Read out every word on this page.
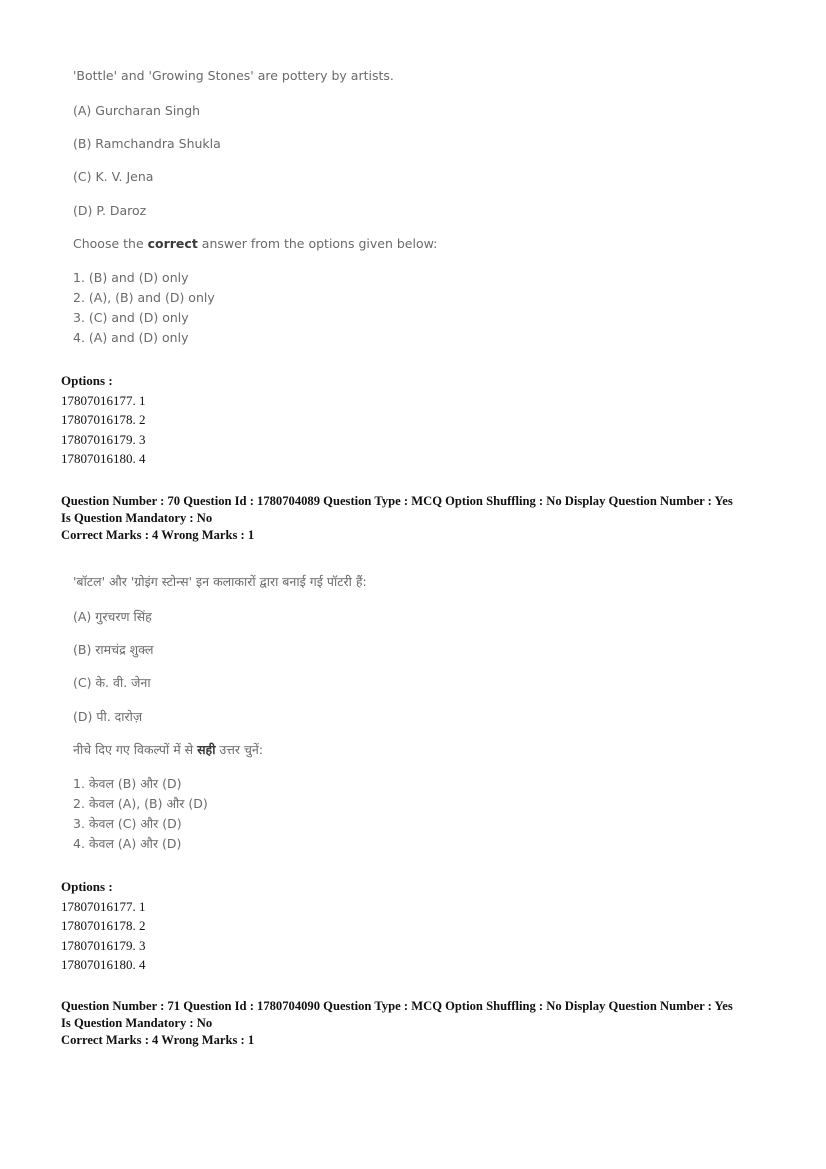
'Bottle' and 'Growing Stones' are pottery by artists.
(A) Gurcharan Singh
(B) Ramchandra Shukla
(C) K. V. Jena
(D) P. Daroz
Choose the correct answer from the options given below:
1. (B) and (D) only
2. (A), (B) and (D) only
3. (C) and (D) only
4. (A) and (D) only
Options :
17807016177. 1
17807016178. 2
17807016179. 3
17807016180. 4
Question Number : 70 Question Id : 1780704089 Question Type : MCQ Option Shuffling : No Display Question Number : Yes
Is Question Mandatory : No
Correct Marks : 4 Wrong Marks : 1
'बॉटल' और 'ग्रोइंग स्टोन्स' इन कलाकारों द्वारा बनाई गई पॉटरी हैं:
(A) गुरचरण सिंह
(B) रामचंद्र शुक्ल
(C) के. वी. जेना
(D) पी. दारोज़
नीचे दिए गए विकल्पों में से सही उत्तर चुनें:
1. केवल (B) और (D)
2. केवल (A), (B) और (D)
3. केवल (C) और (D)
4. केवल (A) और (D)
Options :
17807016177. 1
17807016178. 2
17807016179. 3
17807016180. 4
Question Number : 71 Question Id : 1780704090 Question Type : MCQ Option Shuffling : No Display Question Number : Yes
Is Question Mandatory : No
Correct Marks : 4 Wrong Marks : 1
